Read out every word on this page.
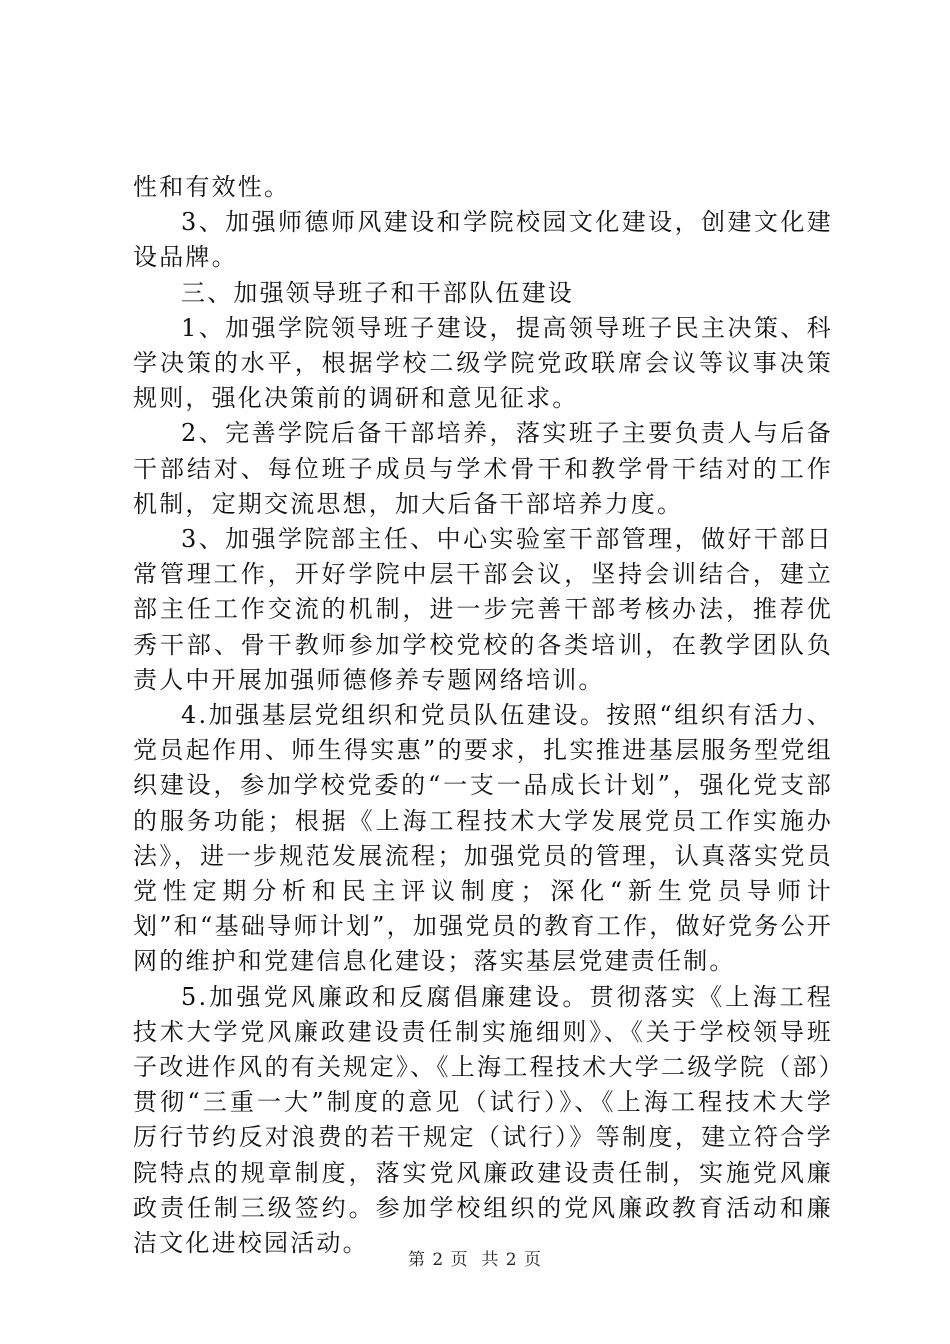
性和有效性。

3、加强师德师风建设和学院校园文化建设，创建文化建设品牌。

三、加强领导班子和干部队伍建设

1、加强学院领导班子建设，提高领导班子民主决策、科学决策的水平，根据学校二级学院党政联席会议等议事决策规则，强化决策前的调研和意见征求。

2、完善学院后备干部培养，落实班子主要负责人与后备干部结对、每位班子成员与学术骨干和教学骨干结对的工作机制，定期交流思想，加大后备干部培养力度。

3、加强学院部主任、中心实验室干部管理，做好干部日常管理工作，开好学院中层干部会议，坚持会训结合，建立部主任工作交流的机制，进一步完善干部考核办法，推荐优秀干部、骨干教师参加学校党校的各类培训，在教学团队负责人中开展加强师德修养专题网络培训。

4.加强基层党组织和党员队伍建设。按照“组织有活力、党员起作用、师生得实惠”的要求，扎实推进基层服务型党组织建设，参加学校党委的“一支一品成长计划”，强化党支部的服务功能；根据《上海工程技术大学发展党员工作实施办法》，进一步规范发展流程；加强党员的管理，认真落实党员党性定期分析和民主评议制度；深化“新生党员导师计划”和“基础导师计划”，加强党员的教育工作，做好党务公开网的维护和党建信息化建设；落实基层党建责任制。

5.加强党风廉政和反腐倡廉建设。贯彻落实《上海工程技术大学党风廉政建设责任制实施细则》、《关于学校领导班子改进作风的有关规定》、《上海工程技术大学二级学院（部）贯彻“三重一大”制度的意见（试行）》、《上海工程技术大学厉行节约反对浪费的若干规定（试行）》等制度，建立符合学院特点的规章制度，落实党风廉政建设责任制，实施党风廉政责任制三级签约。参加学校组织的党风廉政教育活动和廉洁文化进校园活动。

第 2 页  共 2 页
